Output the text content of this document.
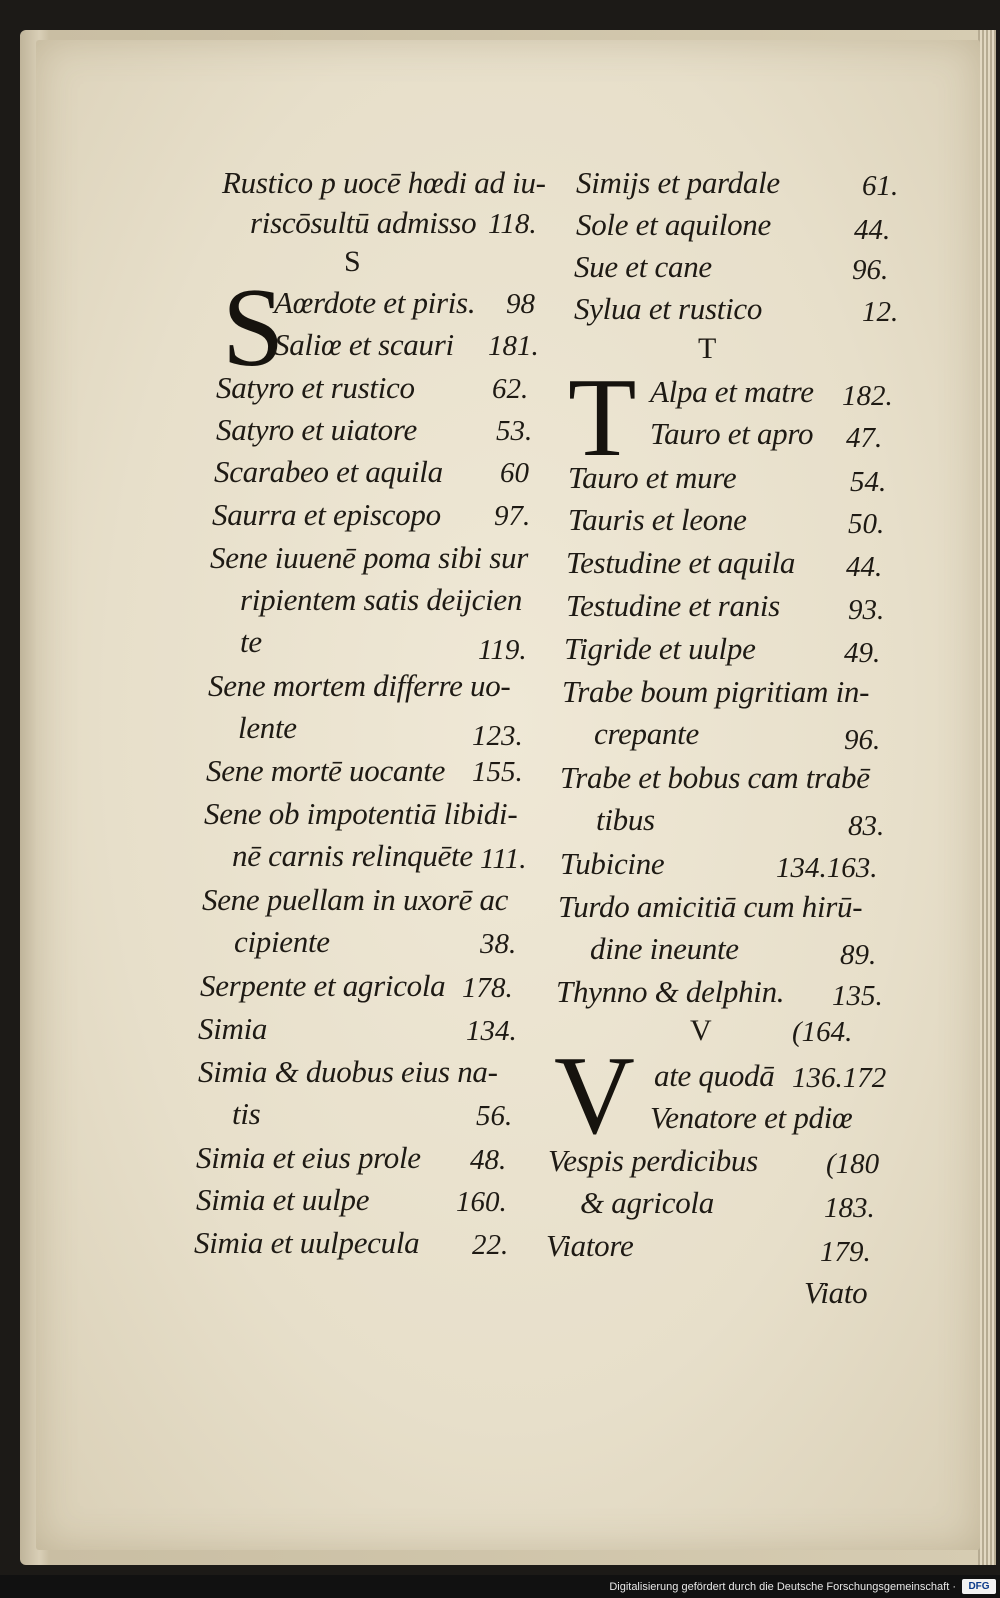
Rustico p uocē hœdi ad iu-
riscōsultū admisso 118.
S
S
Aœrdote et piris. 98
Saliœ et scauri 181.
Satyro et rustico	62.
Satyro et uiatore	53.
Scarabeo et aquila 60
Saurra et episcopo 97.
Sene iuuenē poma sibi sur
ripientem satis deijcien
te	119.
Sene mortem differre uo-
lente	123.
Sene mortē uocante 155.
Sene ob impotentiā libidi-
nē carnis relinquēte 111.
Sene puellam in uxorē ac
cipiente	38.
Serpente et agricola 178.
Simia	134.
Simia & duobus eius na-
tis	56.
Simia et eius prole 48.
Simia et uulpe	160.
Simia et uulpecula 22.
Simijs et pardale	61.
Sole et aquilone	44.
Sue et cane	96.
Sylua et rustico	12.
T
T Alpa et matre 182.
Tauro et apro 47.
Tauro et mure	54.
Tauris et leone	50.
Testudine et aquila 44.
Testudine et ranis 93.
Tigride et uulpe	49.
Trabe boum pigritiam in-
crepante	96.
Trabe et bobus cam trabē
tibus	83.
Tubicine	134.163.
Turdo amicitiā cum hirū-
dine ineunte	89.
Thynno & delphin. 135.
V	(164.
V ate quodā 136.172
Venatore et pdiœ
Vespis perdicibus (180
& agricola	183.
Viatore	179.
Viato
Digitalisierung gefördert durch die Deutsche Forschungsgemeinschaft ·	DFG
